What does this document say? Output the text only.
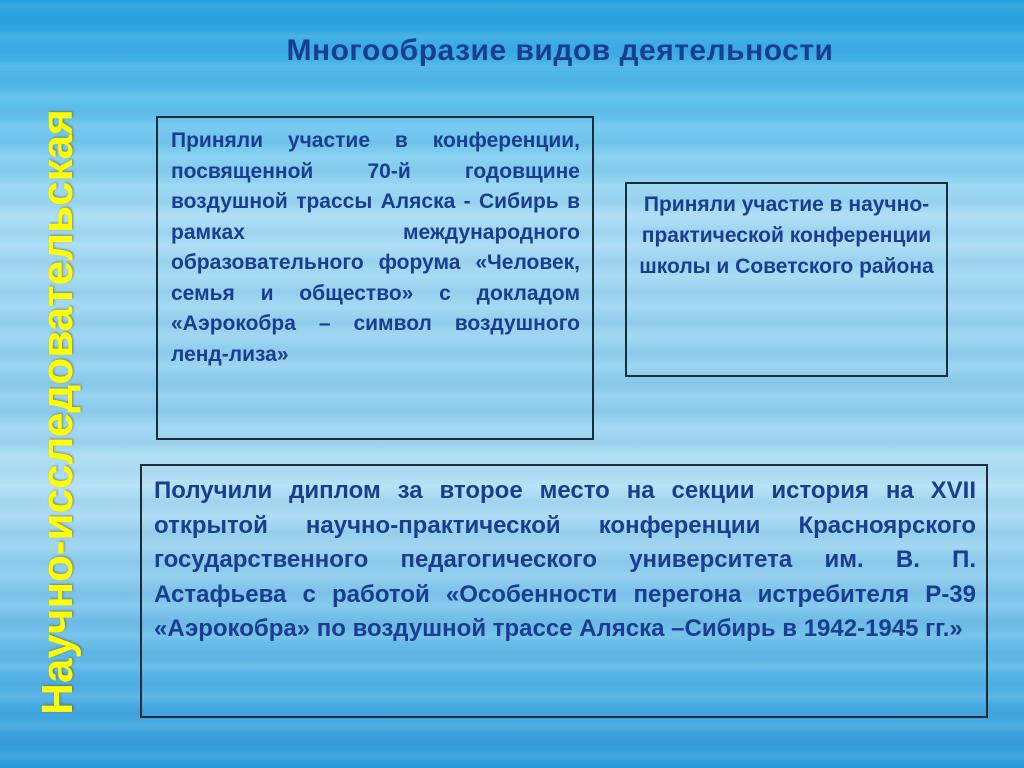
Многообразие видов деятельности
Научно-исследовательская	Приняли участие в конференции, посвященной 70-й годовщине воздушной трассы Аляска - Сибирь в рамках международного образовательного форума «Человек, семья и общество» с докладом «Аэрокобра – символ воздушного ленд-лиза»

Приняли участие в научно-практической конференции школы и Советского района

Получили диплом за второе место на секции история на XVII открытой научно-практической конференции Красноярского государственного педагогического университета им. В. П. Астафьева с работой «Особенности перегона истребителя Р-39 «Аэрокобра» по воздушной трассе Аляска –Сибирь в 1942-1945 гг.»
